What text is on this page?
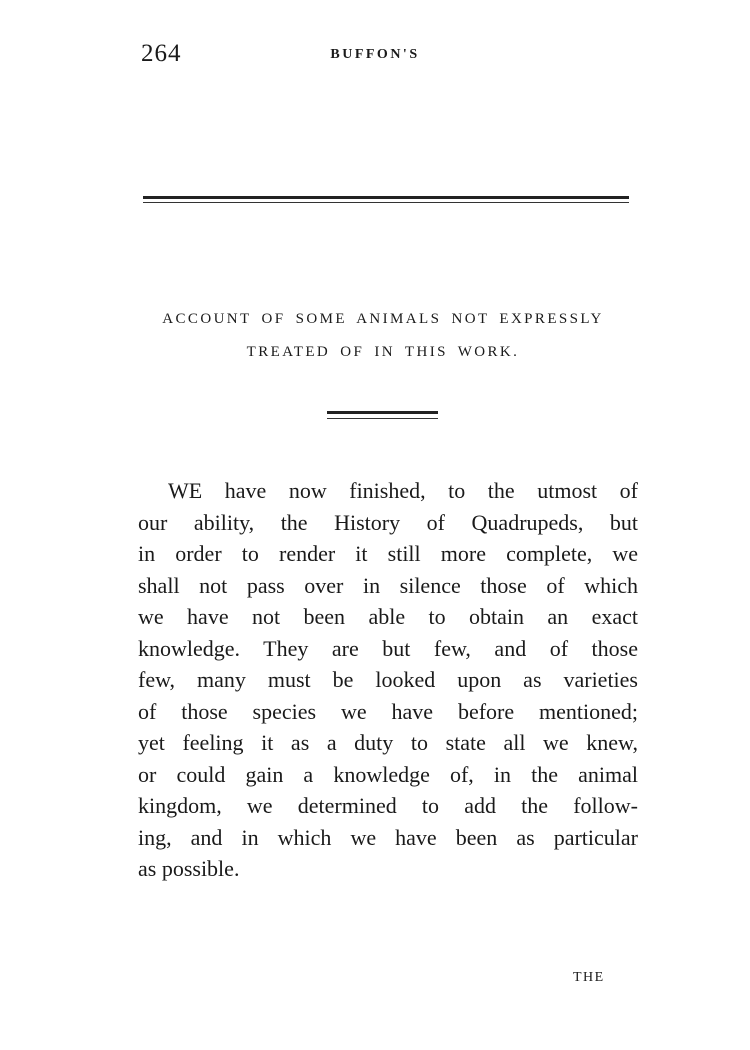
264	BUFFON'S
ACCOUNT OF SOME ANIMALS NOT EXPRESSLY
TREATED OF IN THIS WORK.
WE have now finished, to the utmost of
our ability, the History of Quadrupeds, but
in order to render it still more complete, we
shall not pass over in silence those of which
we have not been able to obtain an exact
knowledge. They are but few, and of those
few, many must be looked upon as varieties
of those species we have before mentioned;
yet feeling it as a duty to state all we knew,
or could gain a knowledge of, in the animal
kingdom, we determined to add the follow-
ing, and in which we have been as particular
as possible.
THE
